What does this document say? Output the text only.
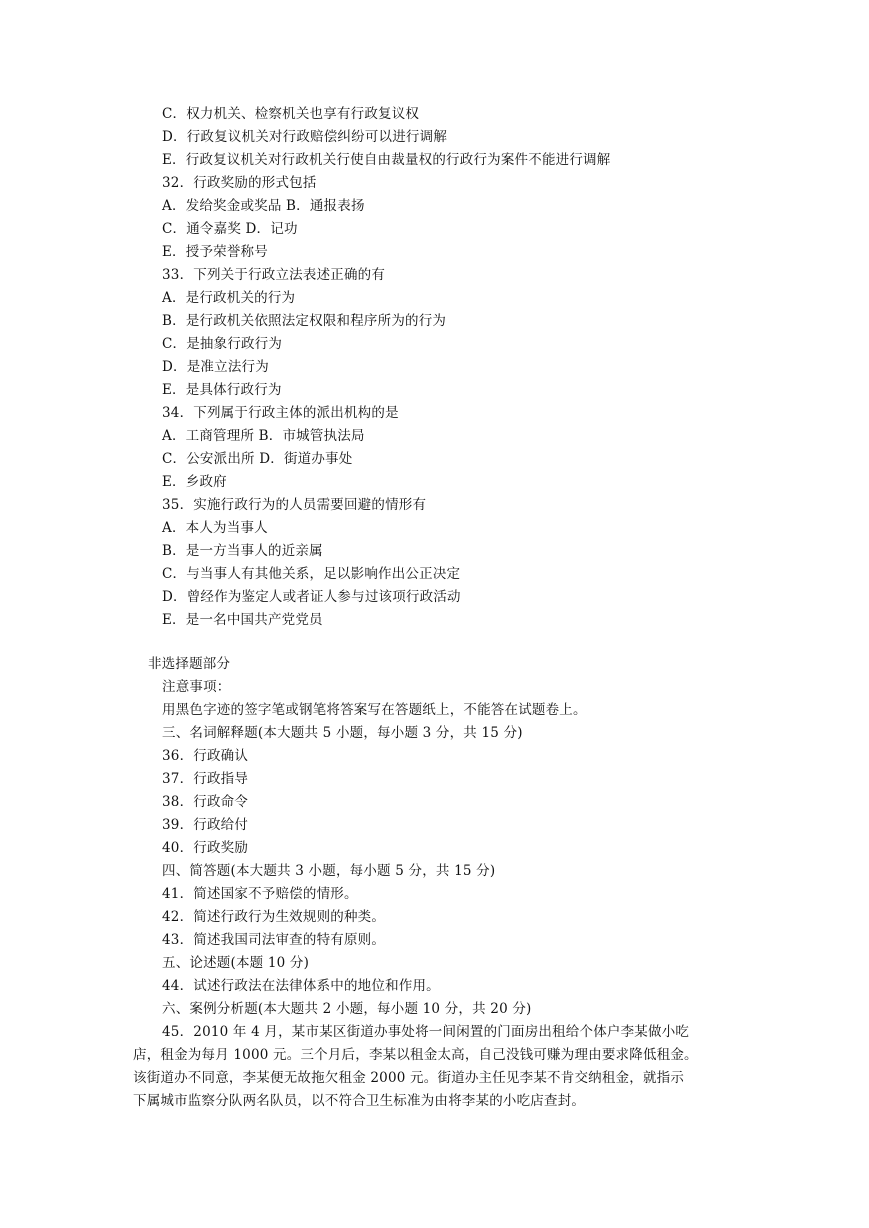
C．权力机关、检察机关也享有行政复议权
D．行政复议机关对行政赔偿纠纷可以进行调解
E．行政复议机关对行政机关行使自由裁量权的行政行为案件不能进行调解
32．行政奖励的形式包括
A．发给奖金或奖品 B．通报表扬
C．通令嘉奖 D．记功
E．授予荣誉称号
33．下列关于行政立法表述正确的有
A．是行政机关的行为
B．是行政机关依照法定权限和程序所为的行为
C．是抽象行政行为
D．是准立法行为
E．是具体行政行为
34．下列属于行政主体的派出机构的是
A．工商管理所 B．市城管执法局
C．公安派出所 D．街道办事处
E．乡政府
35．实施行政行为的人员需要回避的情形有
A．本人为当事人
B．是一方当事人的近亲属
C．与当事人有其他关系，足以影响作出公正决定
D．曾经作为鉴定人或者证人参与过该项行政活动
E．是一名中国共产党党员
非选择题部分
注意事项：
用黑色字迹的签字笔或钢笔将答案写在答题纸上，不能答在试题卷上。
三、名词解释题(本大题共 5 小题，每小题 3 分，共 15 分)
36．行政确认
37．行政指导
38．行政命令
39．行政给付
40．行政奖励
四、简答题(本大题共 3 小题，每小题 5 分，共 15 分)
41．简述国家不予赔偿的情形。
42．简述行政行为生效规则的种类。
43．简述我国司法审查的特有原则。
五、论述题(本题 10 分)
44．试述行政法在法律体系中的地位和作用。
六、案例分析题(本大题共 2 小题，每小题 10 分，共 20 分)
45．2010 年 4 月，某市某区街道办事处将一间闲置的门面房出租给个体户李某做小吃
店，租金为每月 1000 元。三个月后，李某以租金太高，自己没钱可赚为理由要求降低租金。
该街道办不同意，李某便无故拖欠租金 2000 元。街道办主任见李某不肯交纳租金，就指示
下属城市监察分队两名队员，以不符合卫生标准为由将李某的小吃店查封。
